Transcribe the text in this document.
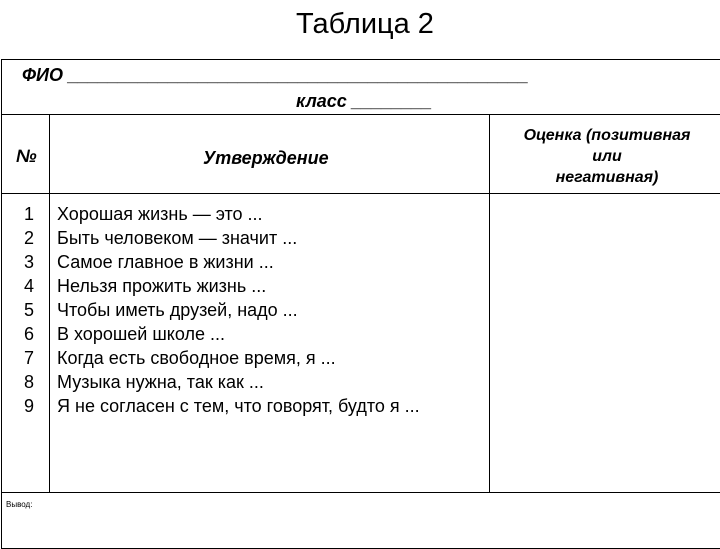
Таблица 2
ФИО ______________________________________________
класс ________
№	Утверждение
Оценка (позитивная
или
негативная)
1
2
3
4
5
6
7
8
9
Хорошая жизнь — это ...
Быть человеком — значит ...
Самое главное в жизни ...
Нельзя прожить жизнь ...
Чтобы иметь друзей, надо ...
В хорошей школе ...
Когда есть свободное время, я ...
Музыка нужна, так как ...
Я не согласен с тем, что говорят, будто я ...
Вывод:
